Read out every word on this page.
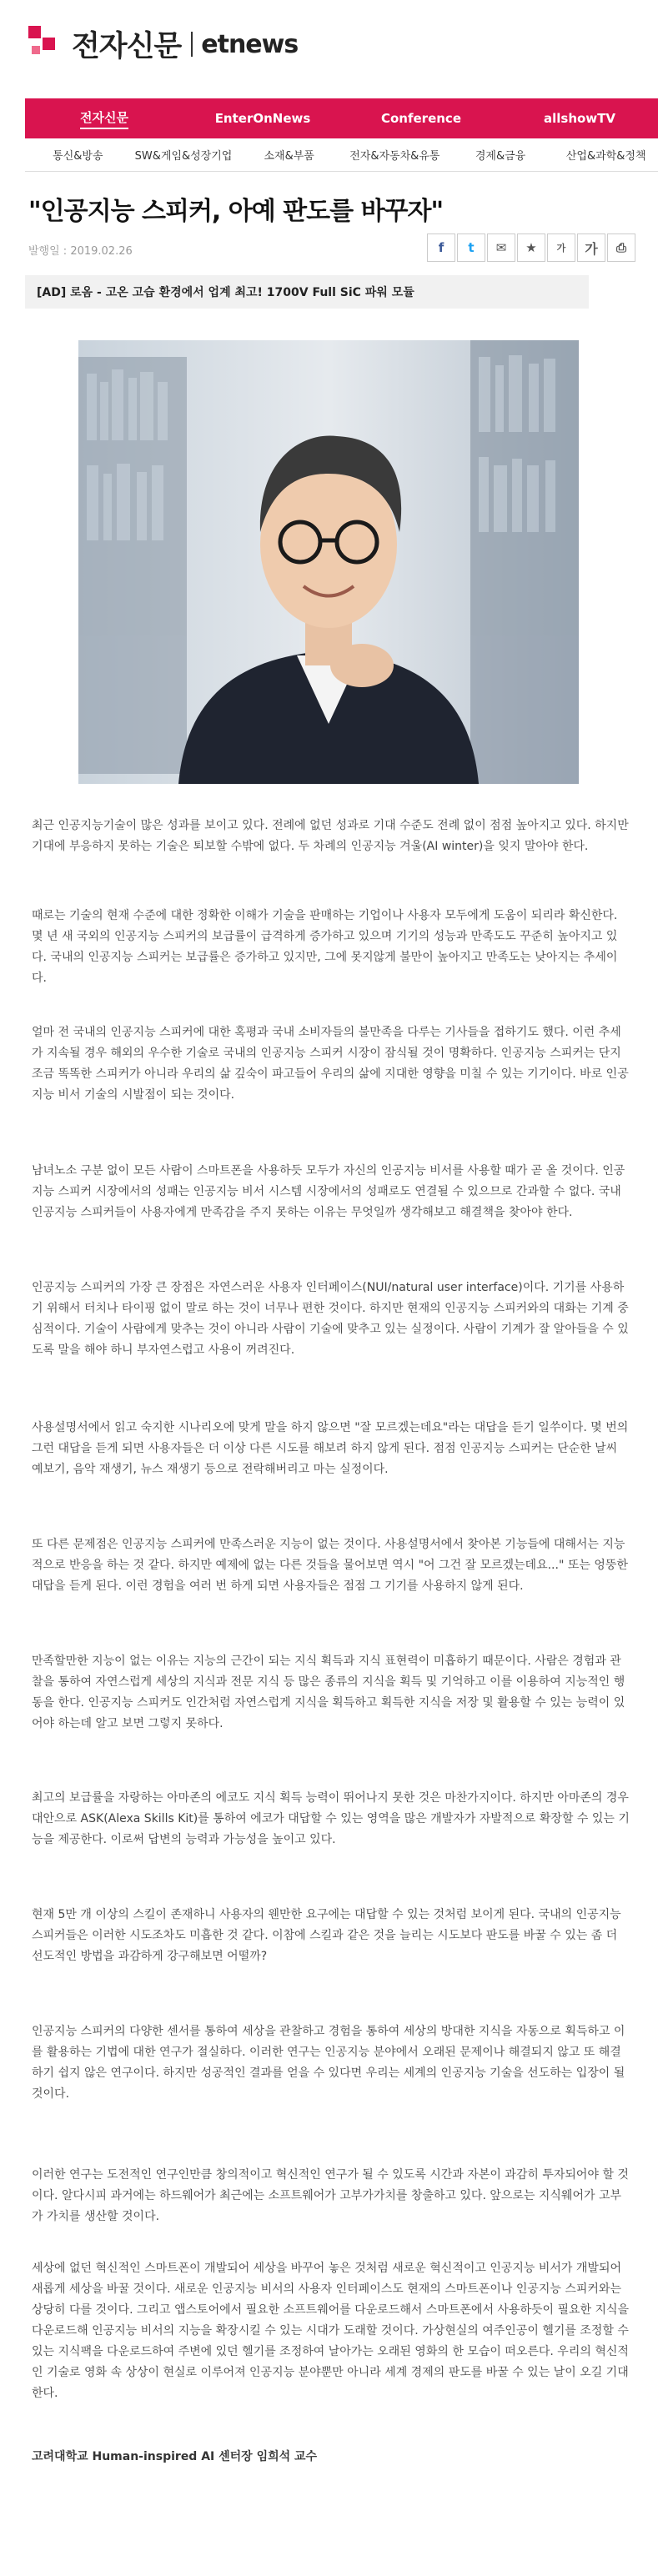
전자신문 etnews
전자신문	EnterOnNews	Conference	allshowTV
통신&방송	SW&게임&성장기업	소재&부품	전자&자동차&유통	경제&금융	산업&과학&정책
"인공지능 스피커, 아예 판도를 바꾸자"
발행일 : 2019.02.26	f	t	✉	★	가	가	⎙
[AD] 로옴 - 고온 고습 환경에서 업계 최고! 1700V Full SiC 파워 모듈

최근 인공지능기술이 많은 성과를 보이고 있다. 전례에 없던 성과로 기대 수준도 전례 없이 점점 높아지고 있다. 하지만 기대에 부응하지 못하는 기술은 퇴보할 수밖에 없다. 두 차례의 인공지능 겨울(AI winter)을 잊지 말아야 한다.

때로는 기술의 현재 수준에 대한 정확한 이해가 기술을 판매하는 기업이나 사용자 모두에게 도움이 되리라 확신한다. 몇 년 새 국외의 인공지능 스피커의 보급률이 급격하게 증가하고 있으며 기기의 성능과 만족도도 꾸준히 높아지고 있다. 국내의 인공지능 스피커는 보급률은 증가하고 있지만, 그에 못지않게 불만이 높아지고 만족도는 낮아지는 추세이다.

얼마 전 국내의 인공지능 스피커에 대한 혹평과 국내 소비자들의 불만족을 다루는 기사들을 접하기도 했다. 이런 추세가 지속될 경우 해외의 우수한 기술로 국내의 인공지능 스피커 시장이 잠식될 것이 명확하다. 인공지능 스피커는 단지 조금 똑똑한 스피커가 아니라 우리의 삶 깊숙이 파고들어 우리의 삶에 지대한 영향을 미칠 수 있는 기기이다. 바로 인공지능 비서 기술의 시발점이 되는 것이다.

남녀노소 구분 없이 모든 사람이 스마트폰을 사용하듯 모두가 자신의 인공지능 비서를 사용할 때가 곧 올 것이다. 인공지능 스피커 시장에서의 성패는 인공지능 비서 시스템 시장에서의 성패로도 연결될 수 있으므로 간과할 수 없다. 국내 인공지능 스피커들이 사용자에게 만족감을 주지 못하는 이유는 무엇일까 생각해보고 해결책을 찾아야 한다.

인공지능 스피커의 가장 큰 장점은 자연스러운 사용자 인터페이스(NUI/natural user interface)이다. 기기를 사용하기 위해서 터치나 타이핑 없이 말로 하는 것이 너무나 편한 것이다. 하지만 현재의 인공지능 스피커와의 대화는 기계 중심적이다. 기술이 사람에게 맞추는 것이 아니라 사람이 기술에 맞추고 있는 실정이다. 사람이 기계가 잘 알아들을 수 있도록 말을 해야 하니 부자연스럽고 사용이 꺼려진다.

사용설명서에서 읽고 숙지한 시나리오에 맞게 말을 하지 않으면 "잘 모르겠는데요"라는 대답을 듣기 일쑤이다. 몇 번의 그런 대답을 듣게 되면 사용자들은 더 이상 다른 시도를 해보려 하지 않게 된다. 점점 인공지능 스피커는 단순한 날씨 예보기, 음악 재생기, 뉴스 재생기 등으로 전락해버리고 마는 실정이다.

또 다른 문제점은 인공지능 스피커에 만족스러운 지능이 없는 것이다. 사용설명서에서 찾아본 기능들에 대해서는 지능적으로 반응을 하는 것 같다. 하지만 예제에 없는 다른 것들을 물어보면 역시 "어 그건 잘 모르겠는데요..." 또는 엉뚱한 대답을 듣게 된다. 이런 경험을 여러 번 하게 되면 사용자들은 점점 그 기기를 사용하지 않게 된다.

만족할만한 지능이 없는 이유는 지능의 근간이 되는 지식 획득과 지식 표현력이 미흡하기 때문이다. 사람은 경험과 관찰을 통하여 자연스럽게 세상의 지식과 전문 지식 등 많은 종류의 지식을 획득 및 기억하고 이를 이용하여 지능적인 행동을 한다. 인공지능 스피커도 인간처럼 자연스럽게 지식을 획득하고 획득한 지식을 저장 및 활용할 수 있는 능력이 있어야 하는데 알고 보면 그렇지 못하다.

최고의 보급률을 자랑하는 아마존의 에코도 지식 획득 능력이 뛰어나지 못한 것은 마찬가지이다. 하지만 아마존의 경우 대안으로 ASK(Alexa Skills Kit)를 통하여 에코가 대답할 수 있는 영역을 많은 개발자가 자발적으로 확장할 수 있는 기능을 제공한다. 이로써 답변의 능력과 가능성을 높이고 있다.

현재 5만 개 이상의 스킬이 존재하니 사용자의 웬만한 요구에는 대답할 수 있는 것처럼 보이게 된다. 국내의 인공지능 스피커들은 이러한 시도조차도 미흡한 것 같다. 이참에 스킬과 같은 것을 늘리는 시도보다 판도를 바꿀 수 있는 좀 더 선도적인 방법을 과감하게 강구해보면 어떨까?

인공지능 스피커의 다양한 센서를 통하여 세상을 관찰하고 경험을 통하여 세상의 방대한 지식을 자동으로 획득하고 이를 활용하는 기법에 대한 연구가 절실하다. 이러한 연구는 인공지능 분야에서 오래된 문제이나 해결되지 않고 또 해결하기 쉽지 않은 연구이다. 하지만 성공적인 결과를 얻을 수 있다면 우리는 세계의 인공지능 기술을 선도하는 입장이 될 것이다.

이러한 연구는 도전적인 연구인만큼 창의적이고 혁신적인 연구가 될 수 있도록 시간과 자본이 과감히 투자되어야 할 것이다. 알다시피 과거에는 하드웨어가 최근에는 소프트웨어가 고부가가치를 창출하고 있다. 앞으로는 지식웨어가 고부가 가치를 생산할 것이다.

세상에 없던 혁신적인 스마트폰이 개발되어 세상을 바꾸어 놓은 것처럼 새로운 혁신적이고 인공지능 비서가 개발되어 새롭게 세상을 바꿀 것이다. 새로운 인공지능 비서의 사용자 인터페이스도 현재의 스마트폰이나 인공지능 스피커와는 상당히 다를 것이다. 그리고 앱스토어에서 필요한 소프트웨어를 다운로드해서 스마트폰에서 사용하듯이 필요한 지식을 다운로드해 인공지능 비서의 지능을 확장시킬 수 있는 시대가 도래할 것이다. 가상현실의 여주인공이 헬기를 조정할 수 있는 지식팩을 다운로드하여 주변에 있던 헬기를 조정하여 날아가는 오래된 영화의 한 모습이 떠오른다. 우리의 혁신적인 기술로 영화 속 상상이 현실로 이루어져 인공지능 분야뿐만 아니라 세계 경제의 판도를 바꿀 수 있는 날이 오길 기대한다.

고려대학교 Human-inspired AI 센터장 임희석 교수
